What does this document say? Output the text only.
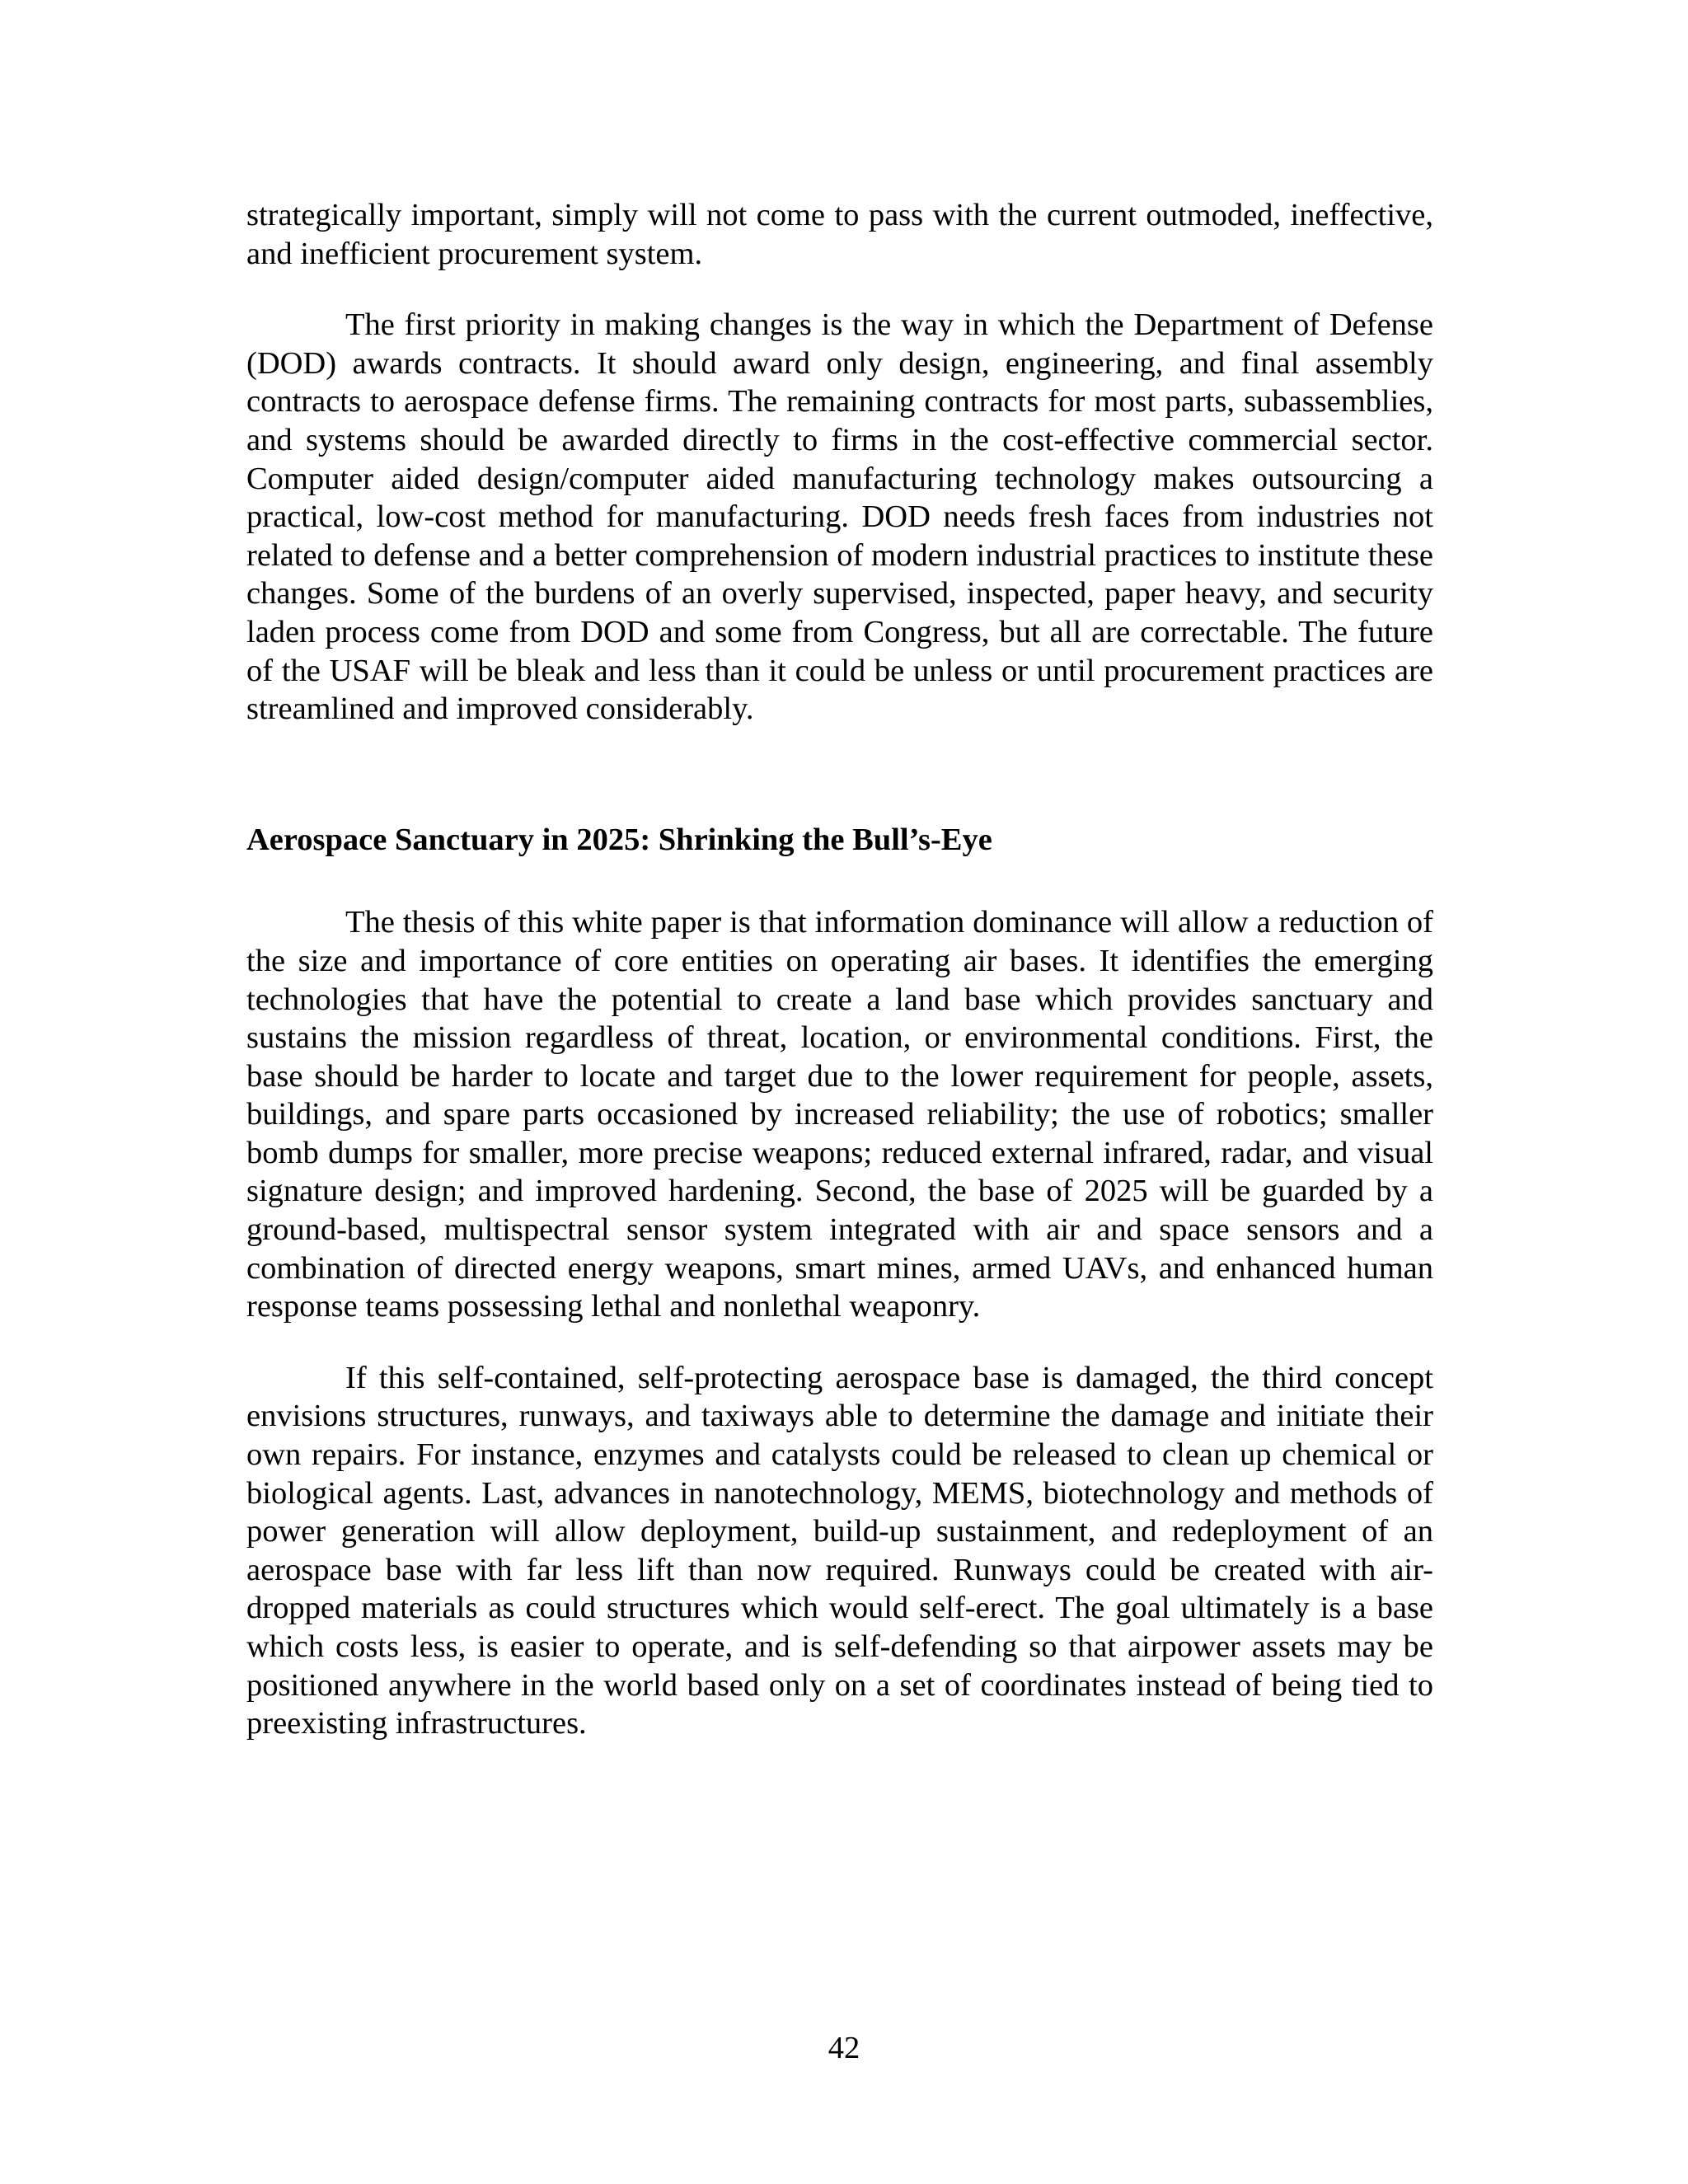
strategically important, simply will not come to pass with the current outmoded, ineffective, and inefficient procurement system.

The first priority in making changes is the way in which the Department of Defense (DOD) awards contracts. It should award only design, engineering, and final assembly contracts to aerospace defense firms. The remaining contracts for most parts, subassemblies, and systems should be awarded directly to firms in the cost-effective commercial sector. Computer aided design/computer aided manufacturing technology makes outsourcing a practical, low-cost method for manufacturing. DOD needs fresh faces from industries not related to defense and a better comprehension of modern industrial practices to institute these changes. Some of the burdens of an overly supervised, inspected, paper heavy, and security laden process come from DOD and some from Congress, but all are correctable. The future of the USAF will be bleak and less than it could be unless or until procurement practices are streamlined and improved considerably.

Aerospace Sanctuary in 2025: Shrinking the Bull’s-Eye

The thesis of this white paper is that information dominance will allow a reduction of the size and importance of core entities on operating air bases. It identifies the emerging technologies that have the potential to create a land base which provides sanctuary and sustains the mission regardless of threat, location, or environmental conditions. First, the base should be harder to locate and target due to the lower requirement for people, assets, buildings, and spare parts occasioned by increased reliability; the use of robotics; smaller bomb dumps for smaller, more precise weapons; reduced external infrared, radar, and visual signature design; and improved hardening. Second, the base of 2025 will be guarded by a ground-based, multispectral sensor system integrated with air and space sensors and a combination of directed energy weapons, smart mines, armed UAVs, and enhanced human response teams possessing lethal and nonlethal weaponry.

If this self-contained, self-protecting aerospace base is damaged, the third concept envisions structures, runways, and taxiways able to determine the damage and initiate their own repairs. For instance, enzymes and catalysts could be released to clean up chemical or biological agents. Last, advances in nanotechnology, MEMS, biotechnology and methods of power generation will allow deployment, build-up sustainment, and redeployment of an aerospace base with far less lift than now required. Runways could be created with air-dropped materials as could structures which would self-erect. The goal ultimately is a base which costs less, is easier to operate, and is self-defending so that airpower assets may be positioned anywhere in the world based only on a set of coordinates instead of being tied to preexisting infrastructures.

42
